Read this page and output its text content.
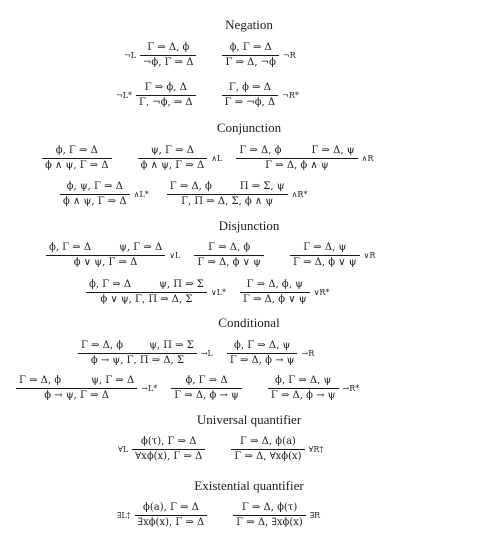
Negation
¬L $\frac{\Gamma \Rightarrow \Delta, \phi}{\neg\phi, \Gamma \Rightarrow \Delta}$	$\frac{\phi, \Gamma \Rightarrow \Delta}{\Gamma \Rightarrow \Delta, \neg\phi}$ ¬R
¬L* $\frac{\Gamma \Rightarrow \phi, \Delta}{\Gamma, \neg\phi, \Rightarrow \Delta}$	$\frac{\Gamma, \phi \Rightarrow \Delta}{\Gamma \Rightarrow \neg\phi, \Delta}$ ¬R*
Conjunction
$\frac{\phi, \Gamma \Rightarrow \Delta}{\phi \wedge \psi, \Gamma \Rightarrow \Delta}$	$\frac{\psi, \Gamma \Rightarrow \Delta}{\phi \wedge \psi, \Gamma \Rightarrow \Delta}$ ∧L Γ ⇒ Δ, ϕ	Γ ⇒ Δ, ψ
Γ ⇒ Δ, ϕ ∧ ψ ∧R
$\frac{\phi, \psi, \Gamma \Rightarrow \Delta}{\phi \wedge \psi, \Gamma \Rightarrow \Delta}$ ∧L* Γ ⇒ Δ, ϕ	Π ⇒ Σ, ψ
Γ, Π ⇒ Δ, Σ, ϕ ∧ ψ ∧R*
Disjunction
ϕ, Γ ⇒ Δ	ψ, Γ ⇒ Δ
ϕ ∨ ψ, Γ ⇒ Δ ∨L $\frac{\Gamma \Rightarrow \Delta, \phi}{\Gamma \Rightarrow \Delta, \phi \vee \psi}$	$\frac{\Gamma \Rightarrow \Delta, \psi}{\Gamma \Rightarrow \Delta, \phi \vee \psi}$ ∨R
ϕ, Γ ⇒ Δ	ψ, Π ⇒ Σ
ϕ ∨ ψ, Γ, Π ⇒ Δ, Σ ∨L* $\frac{\Gamma \Rightarrow \Delta, \phi, \psi}{\Gamma \Rightarrow \Delta, \phi \vee \psi}$ ∨R*
Conditional
Γ ⇒ Δ, ϕ	ψ, Π ⇒ Σ
ϕ → ψ, Γ, Π ⇒ Δ, $\Sigma \to L \frac{\phi, \Gamma \Rightarrow \Delta, \psi}{\Gamma \Rightarrow \Delta, \phi \to \psi} \to R$
Γ ⇒ Δ, ϕ	ψ, Γ ⇒ Δ
ϕ → ψ, Γ ⇒ $\Delta \to L* \frac{\phi, \Gamma \Rightarrow \Delta}{\Gamma \Rightarrow \Delta, \phi \to \psi}$	$\frac{\phi, \Gamma \Rightarrow \Delta, \psi}{\Gamma \Rightarrow \Delta, \phi \to \psi} \to R*$
Universal quantifier
∀L $\frac{\phi(\tau), \Gamma \Rightarrow \Delta}{\forall x\phi(x), \Gamma \Rightarrow \Delta}$	$\frac{\Gamma \Rightarrow \Delta, \phi(a)}{\Gamma \Rightarrow \Delta, \forall x\phi(x)}$ ∀R†
Existential quantifier
∃L† $\frac{\phi(a), \Gamma \Rightarrow \Delta}{\exists x\phi(x), \Gamma \Rightarrow \Delta}$	$\frac{\Gamma \Rightarrow \Delta, \phi(\tau)}{\Gamma \Rightarrow \Delta, \exists x\phi(x)}$ ∃R
